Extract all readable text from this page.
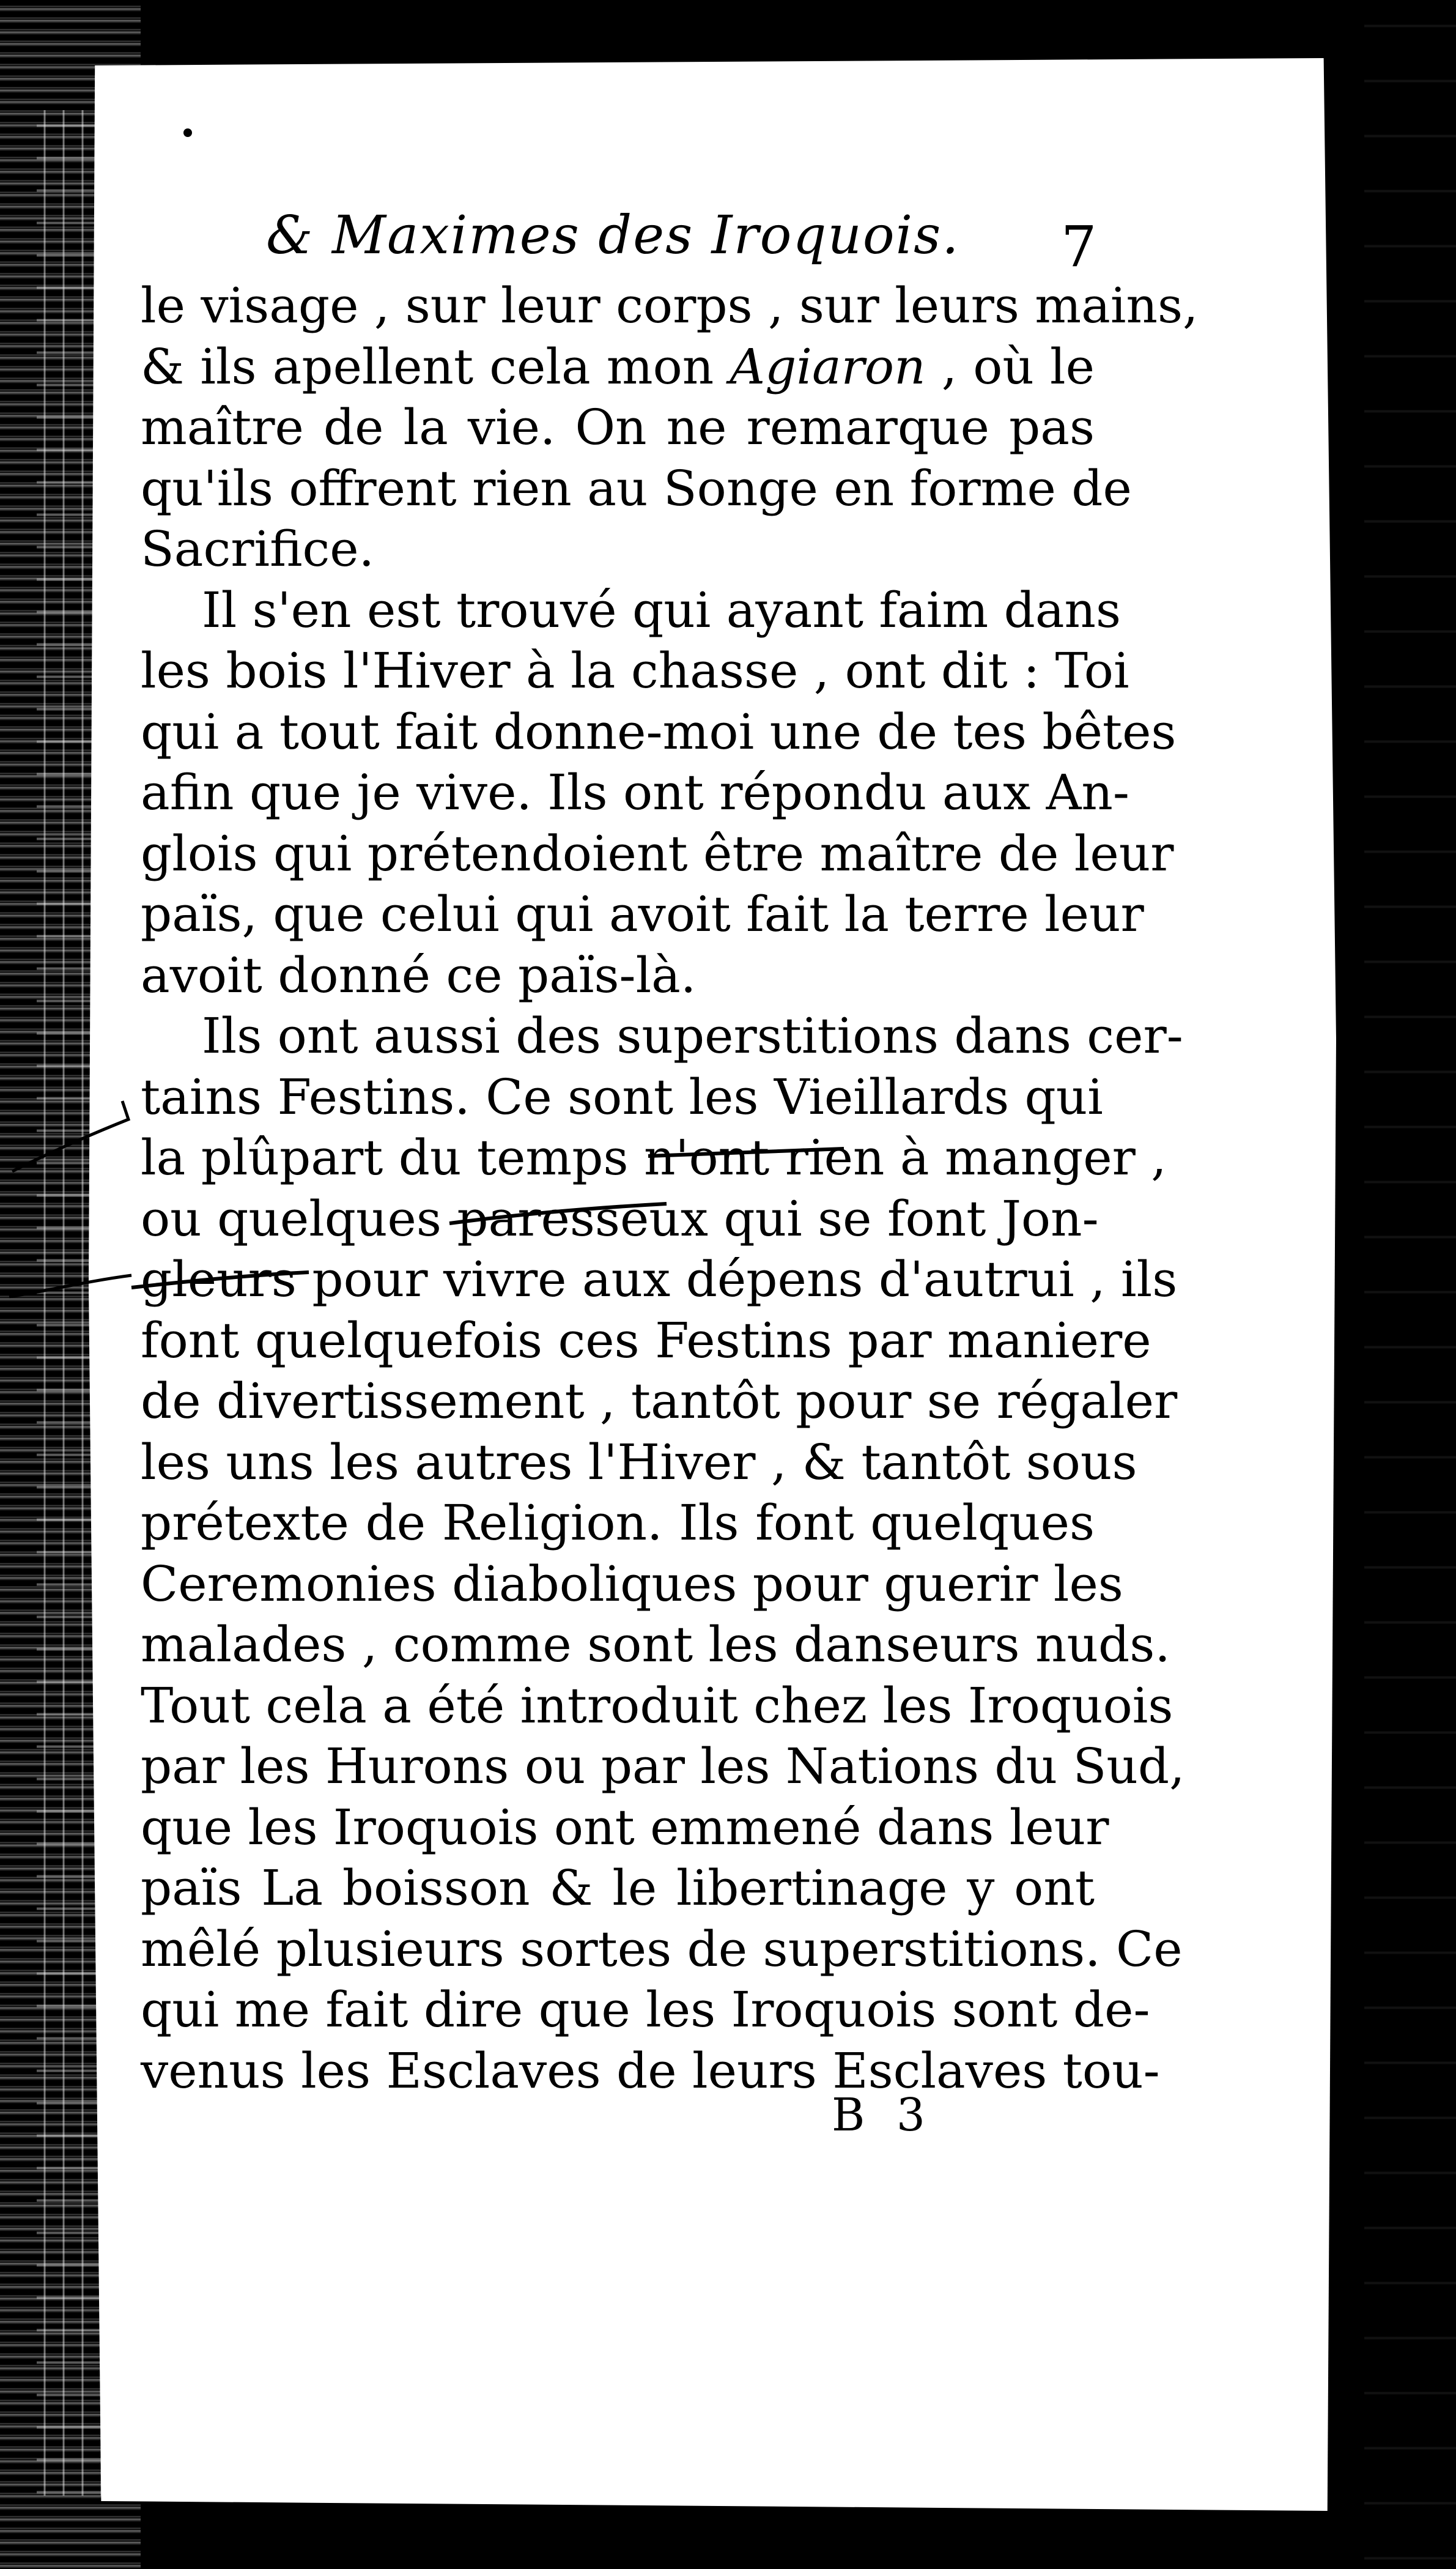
& Maximes des Iroquois.	7
le visage , sur leur corps , sur leurs mains,
& ils apellent cela mon Agiaron , où le
maître de la vie. On ne remarque pas
qu'ils offrent rien au Songe en forme de
Sacrifice.
Il s'en est trouvé qui ayant faim dans
les bois l'Hiver à la chasse , ont dit : Toi
qui a tout fait donne-moi une de tes bêtes
afin que je vive. Ils ont répondu aux An-
glois qui prétendoient être maître de leur
païs, que celui qui avoit fait la terre leur
avoit donné ce païs-là.
Ils ont aussi des superstitions dans cer-
tains Festins. Ce sont les Vieillards qui
la plûpart du temps n'ont rien à manger ,
ou quelques paresseux qui se font Jon-
gleurs pour vivre aux dépens d'autrui , ils
font quelquefois ces Festins par maniere
de divertissement , tantôt pour se régaler
les uns les autres l'Hiver , & tantôt sous
prétexte de Religion. Ils font quelques
Ceremonies diaboliques pour guerir les
malades , comme sont les danseurs nuds.
Tout cela a été introduit chez les Iroquois
par les Hurons ou par les Nations du Sud,
que les Iroquois ont emmené dans leur
païs La boisson & le libertinage y ont
mêlé plusieurs sortes de superstitions. Ce
qui me fait dire que les Iroquois sont de-
venus les Esclaves de leurs Esclaves tou-
B 3
